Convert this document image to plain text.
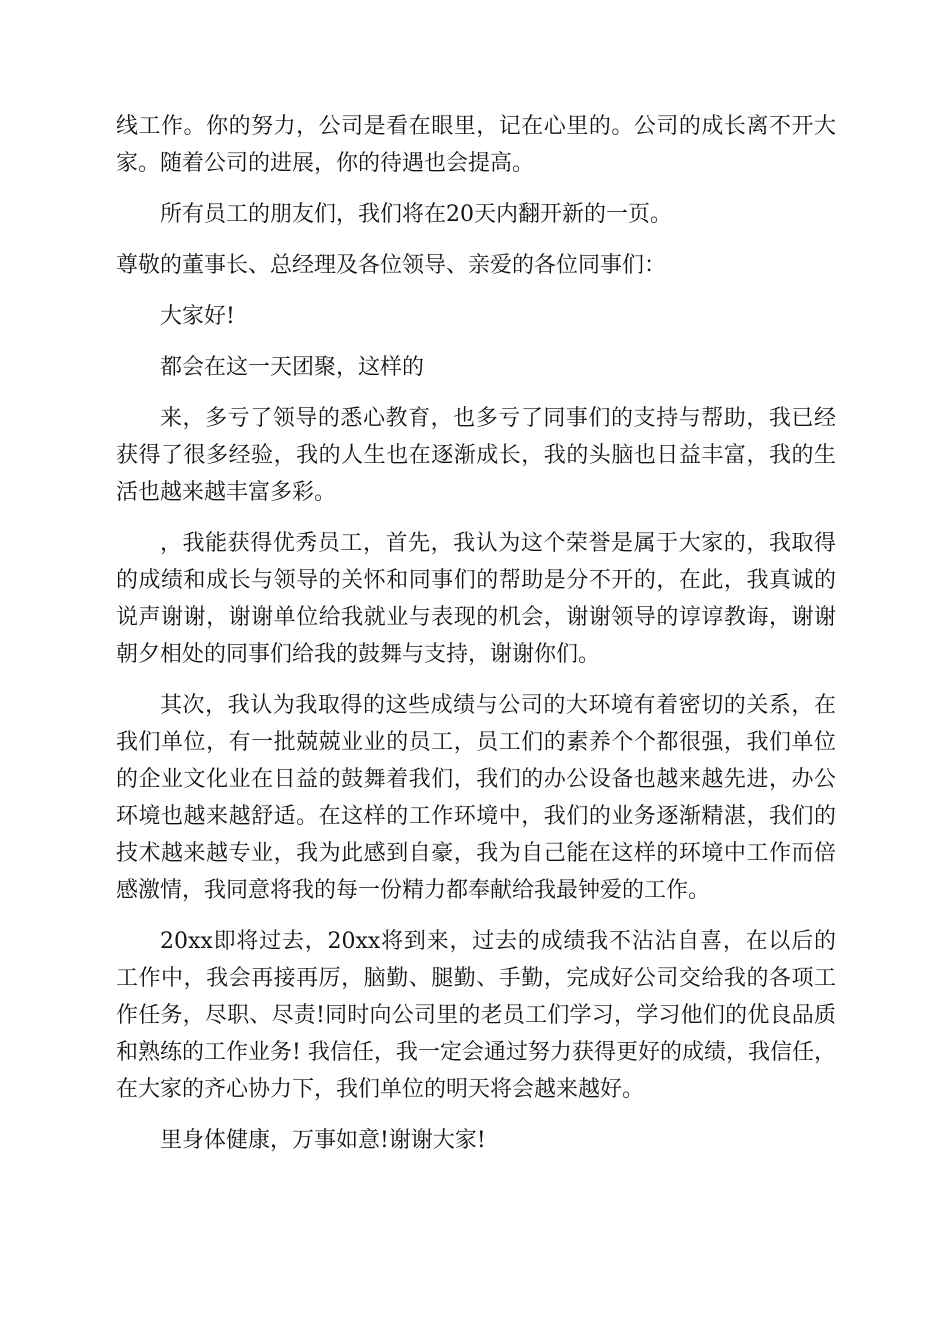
线工作。你的努力，公司是看在眼里，记在心里的。公司的成长离不开大家。随着公司的进展，你的待遇也会提高。

所有员工的朋友们，我们将在20天内翻开新的一页。

尊敬的董事长、总经理及各位领导、亲爱的各位同事们：

大家好!

都会在这一天团聚，这样的

来，多亏了领导的悉心教育，也多亏了同事们的支持与帮助，我已经获得了很多经验，我的人生也在逐渐成长，我的头脑也日益丰富，我的生活也越来越丰富多彩。

，我能获得优秀员工，首先，我认为这个荣誉是属于大家的，我取得的成绩和成长与领导的关怀和同事们的帮助是分不开的，在此，我真诚的说声谢谢，谢谢单位给我就业与表现的机会，谢谢领导的谆谆教诲，谢谢朝夕相处的同事们给我的鼓舞与支持，谢谢你们。

其次，我认为我取得的这些成绩与公司的大环境有着密切的关系，在我们单位，有一批兢兢业业的员工，员工们的素养个个都很强，我们单位的企业文化业在日益的鼓舞着我们，我们的办公设备也越来越先进，办公环境也越来越舒适。在这样的工作环境中，我们的业务逐渐精湛，我们的技术越来越专业，我为此感到自豪，我为自己能在这样的环境中工作而倍感激情，我同意将我的每一份精力都奉献给我最钟爱的工作。

20xx即将过去，20xx将到来，过去的成绩我不沾沾自喜，在以后的工作中，我会再接再厉，脑勤、腿勤、手勤，完成好公司交给我的各项工作任务，尽职、尽责!同时向公司里的老员工们学习，学习他们的优良品质和熟练的工作业务! 我信任，我一定会通过努力获得更好的成绩，我信任，在大家的齐心协力下，我们单位的明天将会越来越好。

里身体健康，万事如意!谢谢大家!
